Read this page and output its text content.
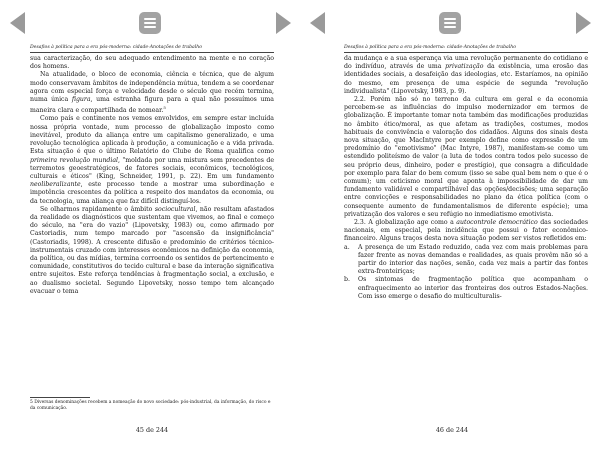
Desafios à política para a era pós-moderna: cidade-Anotações de trabalho

sua caracterização, do seu adequado entendimento na mente e no coração dos homens.

Na atualidade, o bloco de economia, ciência e técnica, que de algum modo conservavam âmbitos de independência mútua, tendem a se coordenar agora com especial força e velocidade desde o século que recém termina, numa única figura, uma estranha figura para a qual não possuímos uma maneira clara e compartilhada de nomear.$^5$

Como país e continente nos vemos envolvidos, em sempre estar incluída nossa própria vontade, num processo de globalização imposto como inevitável, produto da aliança entre um capitalismo generalizado, e uma revolução tecnológica aplicada à produção, a comunicação e a vida privada. Esta situação é que o último Relatório do Clube de Roma qualifica como primeira revolução mundial, "moldada por uma mistura sem precedentes de terremotos geoestratégicos, de fatores sociais, econômicos, tecnológicos, culturais e éticos" (King, Schneider, 1991, p. 22). Em um fundamento neoliberalizante, este processo tende a mostrar uma subordinação e impotência crescentes da política a respeito dos mandatos da economia, ou da tecnologia, uma aliança que faz difícil distinguí-los.

Se olharmos rapidamente o âmbito sociocultural, não resultam afastados da realidade os diagnósticos que sustentam que vivemos, ao final e começo do século, na "era do vazio" (Lipovetsky, 1983) ou, como afirmado por Castoriadis, num tempo marcado por "ascensão da insignificância" (Castoriadis, 1998). A crescente difusão e predomínio de critérios técnico-instrumentais cruzado com interesses econômicos na definição da economia, da política, ou das mídias, termina corroendo os sentidos de pertencimento e comunidade, constitutivos do tecido cultural e base da interação significativa entre sujeitos. Este reforça tendências à fragmentação social, a exclusão, e ao dualismo societal. Segundo Lipovetsky, nosso tempo tem alcançado evacuar o tema

5 Diversas denominações recebem a nomeação do novo sociedade: pós-industrial, da informação, do risco e da comunicação.
45 de 244
Desafios à política para a era pós-moderna: cidade-Anotações de trabalho

da mudança e a sua esperança via uma revolução permanente do cotidiano e do indivíduo, através de uma privatização da existência, uma erosão das identidades sociais, a desafeição das ideologias, etc. Estaríamos, na opinião do mesmo, em presença de uma espécie de segunda "revolução individualista" (Lipovetsky, 1983, p. 9).

2.2. Porém não só no terreno da cultura em geral e da economia percebem-se as influências do impulso modernizador em termos de globalização. É importante tomar nota também das modificações produzidas no âmbito ético/moral, as que afetam as tradições, costumes, modos habituais de convivência e valoração dos cidadãos. Alguns dos sinais desta nova situação, que MacIntyre por exemplo define como expressão de um predomínio do "emotivismo" (Mac Intyre, 1987), manifestam-se como um estendido politeísmo de valor (a luta de todos contra todos pelo sucesso de seu próprio deus, dinheiro, poder e prestígio), que consagra a dificuldade por exemplo para falar do bem comum (isso se sabe qual bem nem o que é o comum); um ceticismo moral que aponta à impossibilidade de dar um fundamento validável e compartilhável das opções/decisões; uma separação entre convicções e responsabilidades no plano da ética política (com o consequente aumento de fundamentalismos de diferente espécie); uma privatização dos valores e seu refúgio no inmediatismo emotivista.

2.3. A globalização age como a autocontrole democrático das sociedades nacionais, em especial, pela incidência que possui o fator econômico-financeiro. Alguns traços desta nova situação podem ser vistos refletidos em:

a.	A presença de um Estado reduzido, cada vez com mais problemas para fazer frente as novas demandas e realidades, as quais provêm não só a partir do interior das nações, senão, cada vez mais a partir das fontes extra-fronteiriças;
b.	Os sintomas de fragmentação política que acompanham o enfraquecimento ao interior das fronteiras dos outros Estados-Nações. Com isso emerge o desafio do multiculturalis-
46 de 244
